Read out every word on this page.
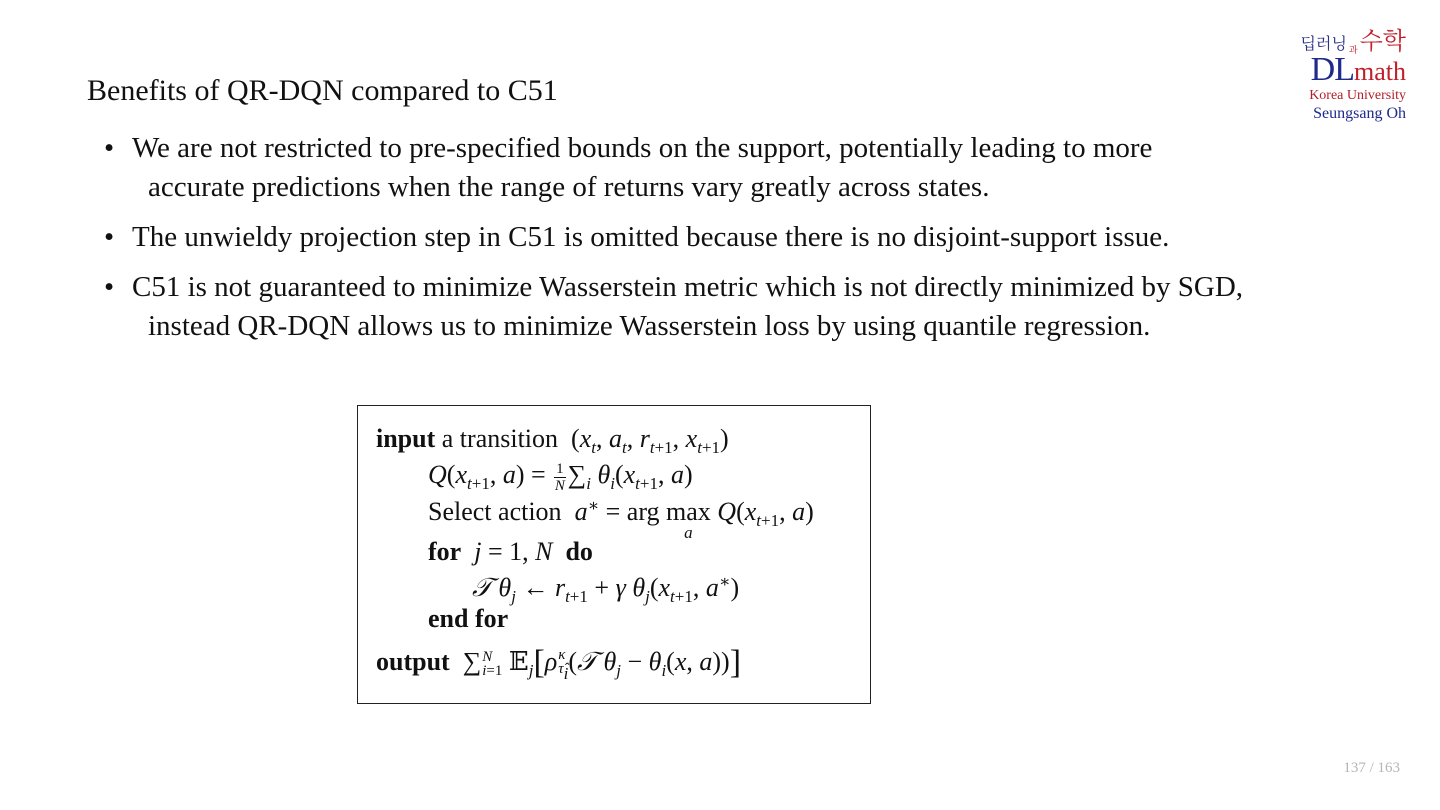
딥러닝 $_과$수학
DLmath
Korea University
Seungsang Oh
Benefits of QR-DQN compared to C51
• We are not restricted to pre-specified bounds on the support, potentially leading to more
accurate predictions when the range of returns vary greatly across states.
• The unwieldy projection step in C51 is omitted because there is no disjoint-support issue.
• C51 is not guaranteed to minimize Wasserstein metric which is not directly minimized by SGD,
instead QR-DQN allows us to minimize Wasserstein loss by using quantile regression.
input a transition  ($x_t$, $a_t$, $r_{t+1}$, $x_{t+1}$)
$Q(x_{t+1}$, $a) = \frac{1}{N} \sum_i$ $\theta_i(x_{t+1}$, a)
Select action a∗ = arg max
a
$Q(x_{t+1}$, a)
for j = 1, N do
𝒯 $\theta_j$ ← $r_{t+1} + \gamma$ $\theta_j(x_{t+1}$, a∗)
end for
output  ∑ N
i=1 𝔼$_j$[ρ κ
$\taû_i$ (𝒯 $\theta_j - \theta_i(x$, a))]
137 / 163
